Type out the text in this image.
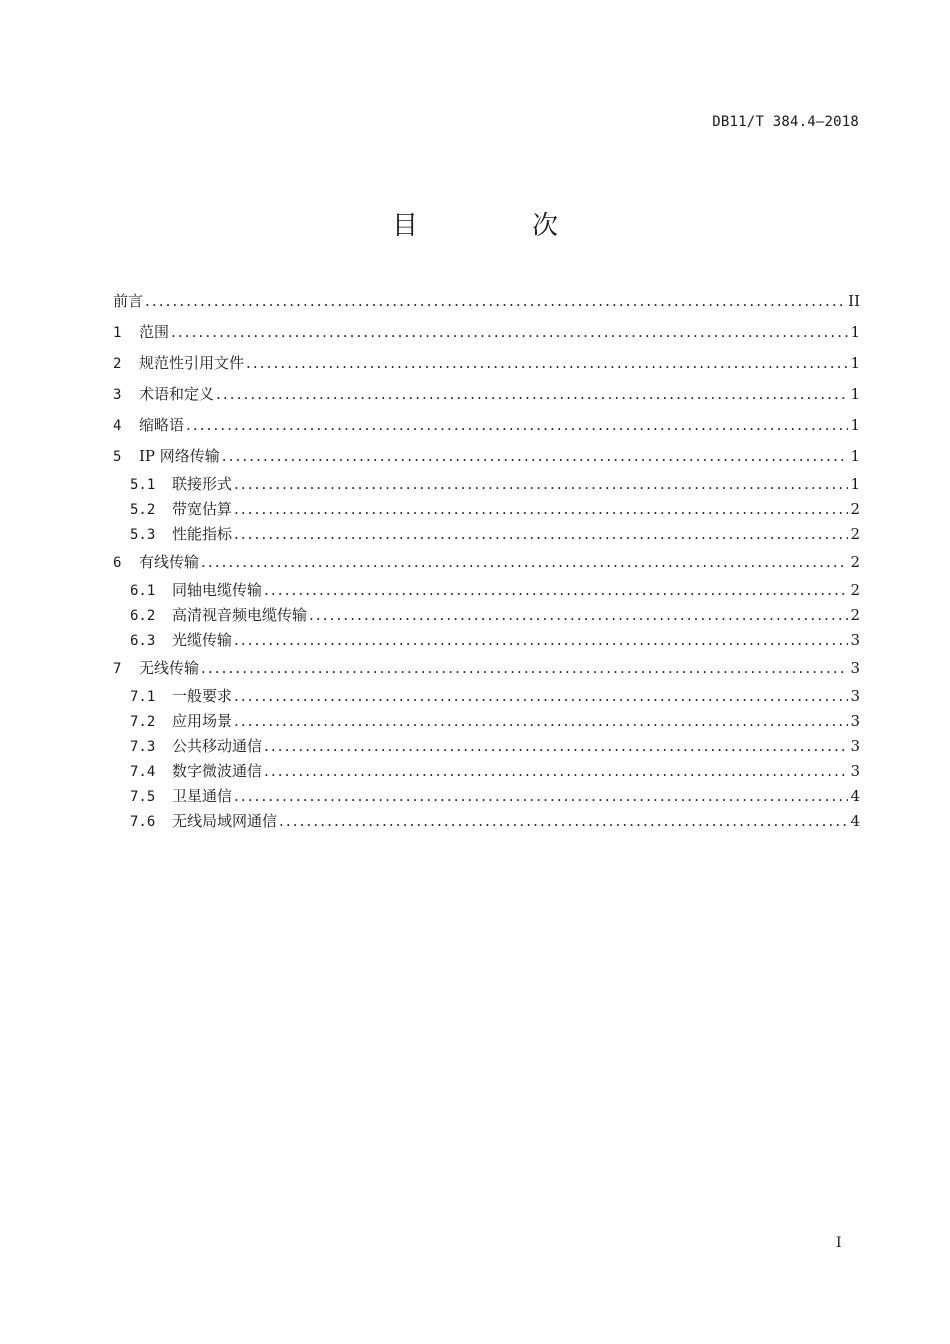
DB11/T 384.4—2018
目　次
前言 .....	II
1	范围 .....	1
2	规范性引用文件 .....	1
3	术语和定义 .....	1
4	缩略语 .....	1
5	IP 网络传输 .....	1
5.1	联接形式 .....	1
5.2	带宽估算 .....	2
5.3	性能指标 .....	2
6	有线传输 .....	2
6.1	同轴电缆传输 .....	2
6.2	高清视音频电缆传输 .....	2
6.3	光缆传输 .....	3
7	无线传输 .....	3
7.1	一般要求 .....	3
7.2	应用场景 .....	3
7.3	公共移动通信 .....	3
7.4	数字微波通信 .....	3
7.5	卫星通信 .....	4
7.6	无线局域网通信 .....	4
I
